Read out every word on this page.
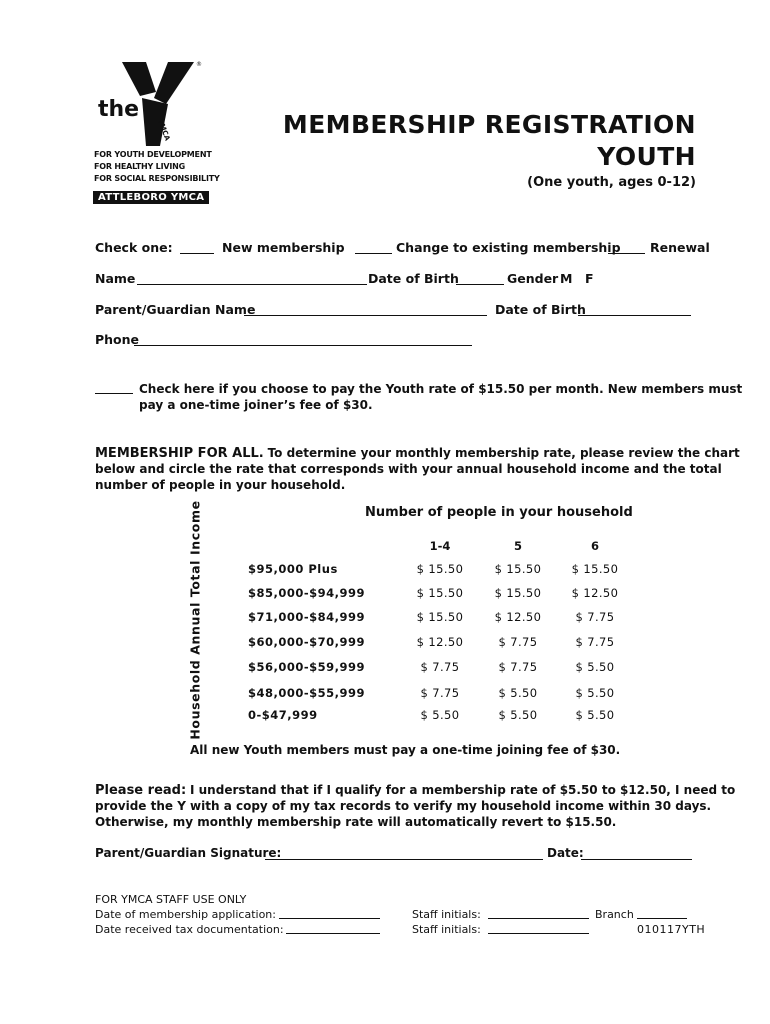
the
YMCA
®
FOR YOUTH DEVELOPMENT
FOR HEALTHY LIVING
FOR SOCIAL RESPONSIBILITY
ATTLEBORO YMCA
MEMBERSHIP REGISTRATION
YOUTH
(One youth, ages 0-12)
Check one:	New membership	Change to existing membership Renewal
Name	Date of Birth	Gender M F
Parent/Guardian Name	Date of Birth
Phone
Check here if you choose to pay the Youth rate of $15.50 per month. New members must
pay a one-time joiner’s fee of $30.
MEMBERSHIP FOR ALL. To determine your monthly membership rate, please review the chart
below and circle the rate that corresponds with your annual household income and the total
number of people in your household.
Household Annual Total Income	Number of people in your household
1-4	5	6
$95,000 Plus	$ 15.50	$ 15.50	$ 15.50
$85,000-$94,999	$ 15.50	$ 15.50	$ 12.50
$71,000-$84,999	$ 15.50	$ 12.50	$ 7.75
$60,000-$70,999	$ 12.50	$ 7.75	$ 7.75
$56,000-$59,999	$ 7.75	$ 7.75	$ 5.50
$48,000-$55,999	$ 7.75	$ 5.50	$ 5.50
0-$47,999	$ 5.50	$ 5.50	$ 5.50
All new Youth members must pay a one-time joining fee of $30.
Please read: I understand that if I qualify for a membership rate of $5.50 to $12.50, I need to
provide the Y with a copy of my tax records to verify my household income within 30 days.
Otherwise, my monthly membership rate will automatically revert to $15.50.
Parent/Guardian Signature:	Date:
FOR YMCA STAFF USE ONLY
Date of membership application:
Date received tax documentation:
Staff initials:	Branch
Staff initials:	010117YTH
